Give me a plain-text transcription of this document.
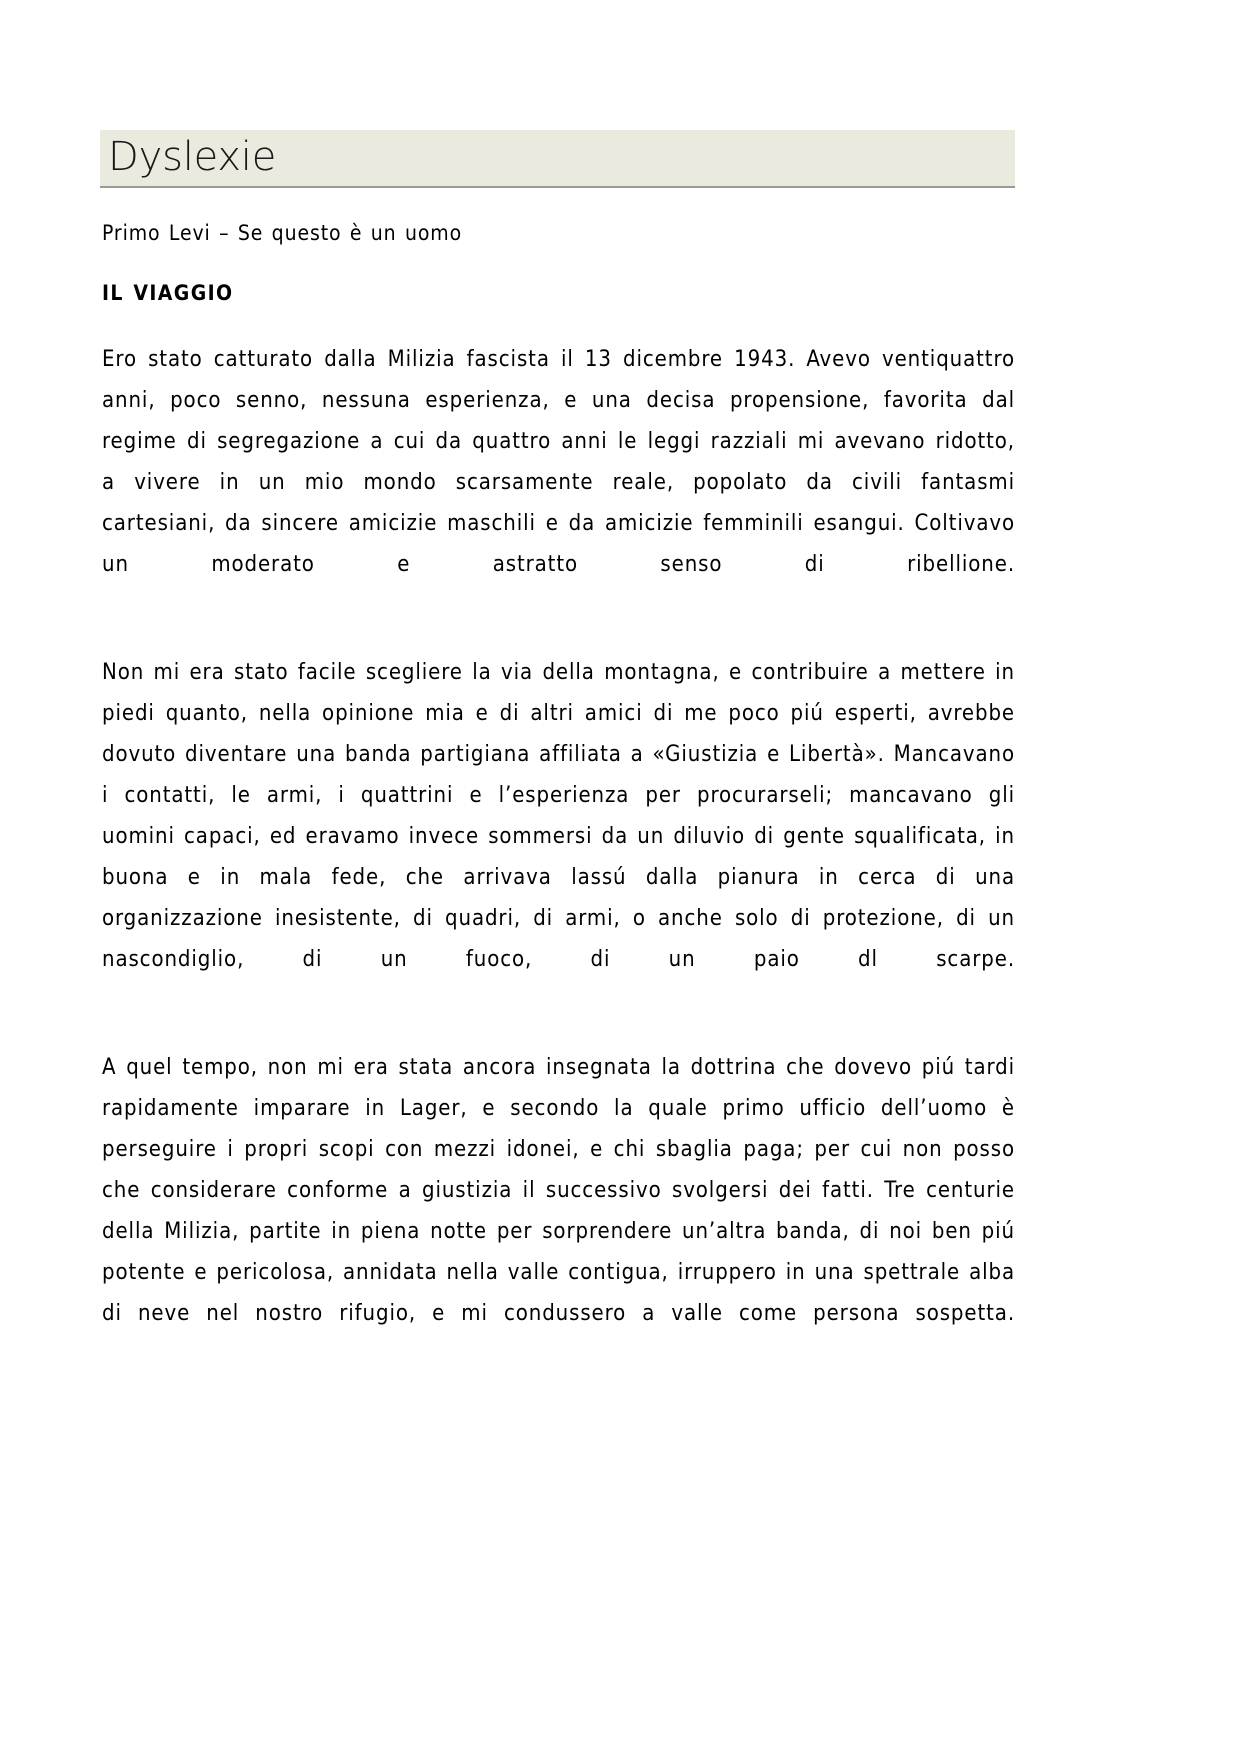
Dyslexie

Primo Levi – Se questo è un uomo

IL VIAGGIO

Ero stato catturato dalla Milizia fascista il 13 dicembre 1943. Avevo ventiquattro anni, poco senno, nessuna esperienza, e una decisa propensione, favorita dal regime di segregazione a cui da quattro anni le leggi razziali mi avevano ridotto, a vivere in un mio mondo scarsamente reale, popolato da civili fantasmi cartesiani, da sincere amicizie maschili e da amicizie femminili esangui. Coltivavo un moderato e astratto senso di ribellione.

Non mi era stato facile scegliere la via della montagna, e contribuire a mettere in piedi quanto, nella opinione mia e di altri amici di me poco piú esperti, avrebbe dovuto diventare una banda partigiana affiliata a «Giustizia e Libertà». Mancavano i contatti, le armi, i quattrini e l’esperienza per procurarseli; mancavano gli uomini capaci, ed eravamo invece sommersi da un diluvio di gente squalificata, in buona e in mala fede, che arrivava lassú dalla pianura in cerca di una organizzazione inesistente, di quadri, di armi, o anche solo di protezione, di un nascondiglio, di un fuoco, di un paio dl scarpe.

A quel tempo, non mi era stata ancora insegnata la dottrina che dovevo piú tardi rapidamente imparare in Lager, e secondo la quale primo ufficio dell’uomo è perseguire i propri scopi con mezzi idonei, e chi sbaglia paga; per cui non posso che considerare conforme a giustizia il successivo svolgersi dei fatti. Tre centurie della Milizia, partite in piena notte per sorprendere un’altra banda, di noi ben piú potente e pericolosa, annidata nella valle contigua, irruppero in una spettrale alba di neve nel nostro rifugio, e mi condussero a valle come persona sospetta.
